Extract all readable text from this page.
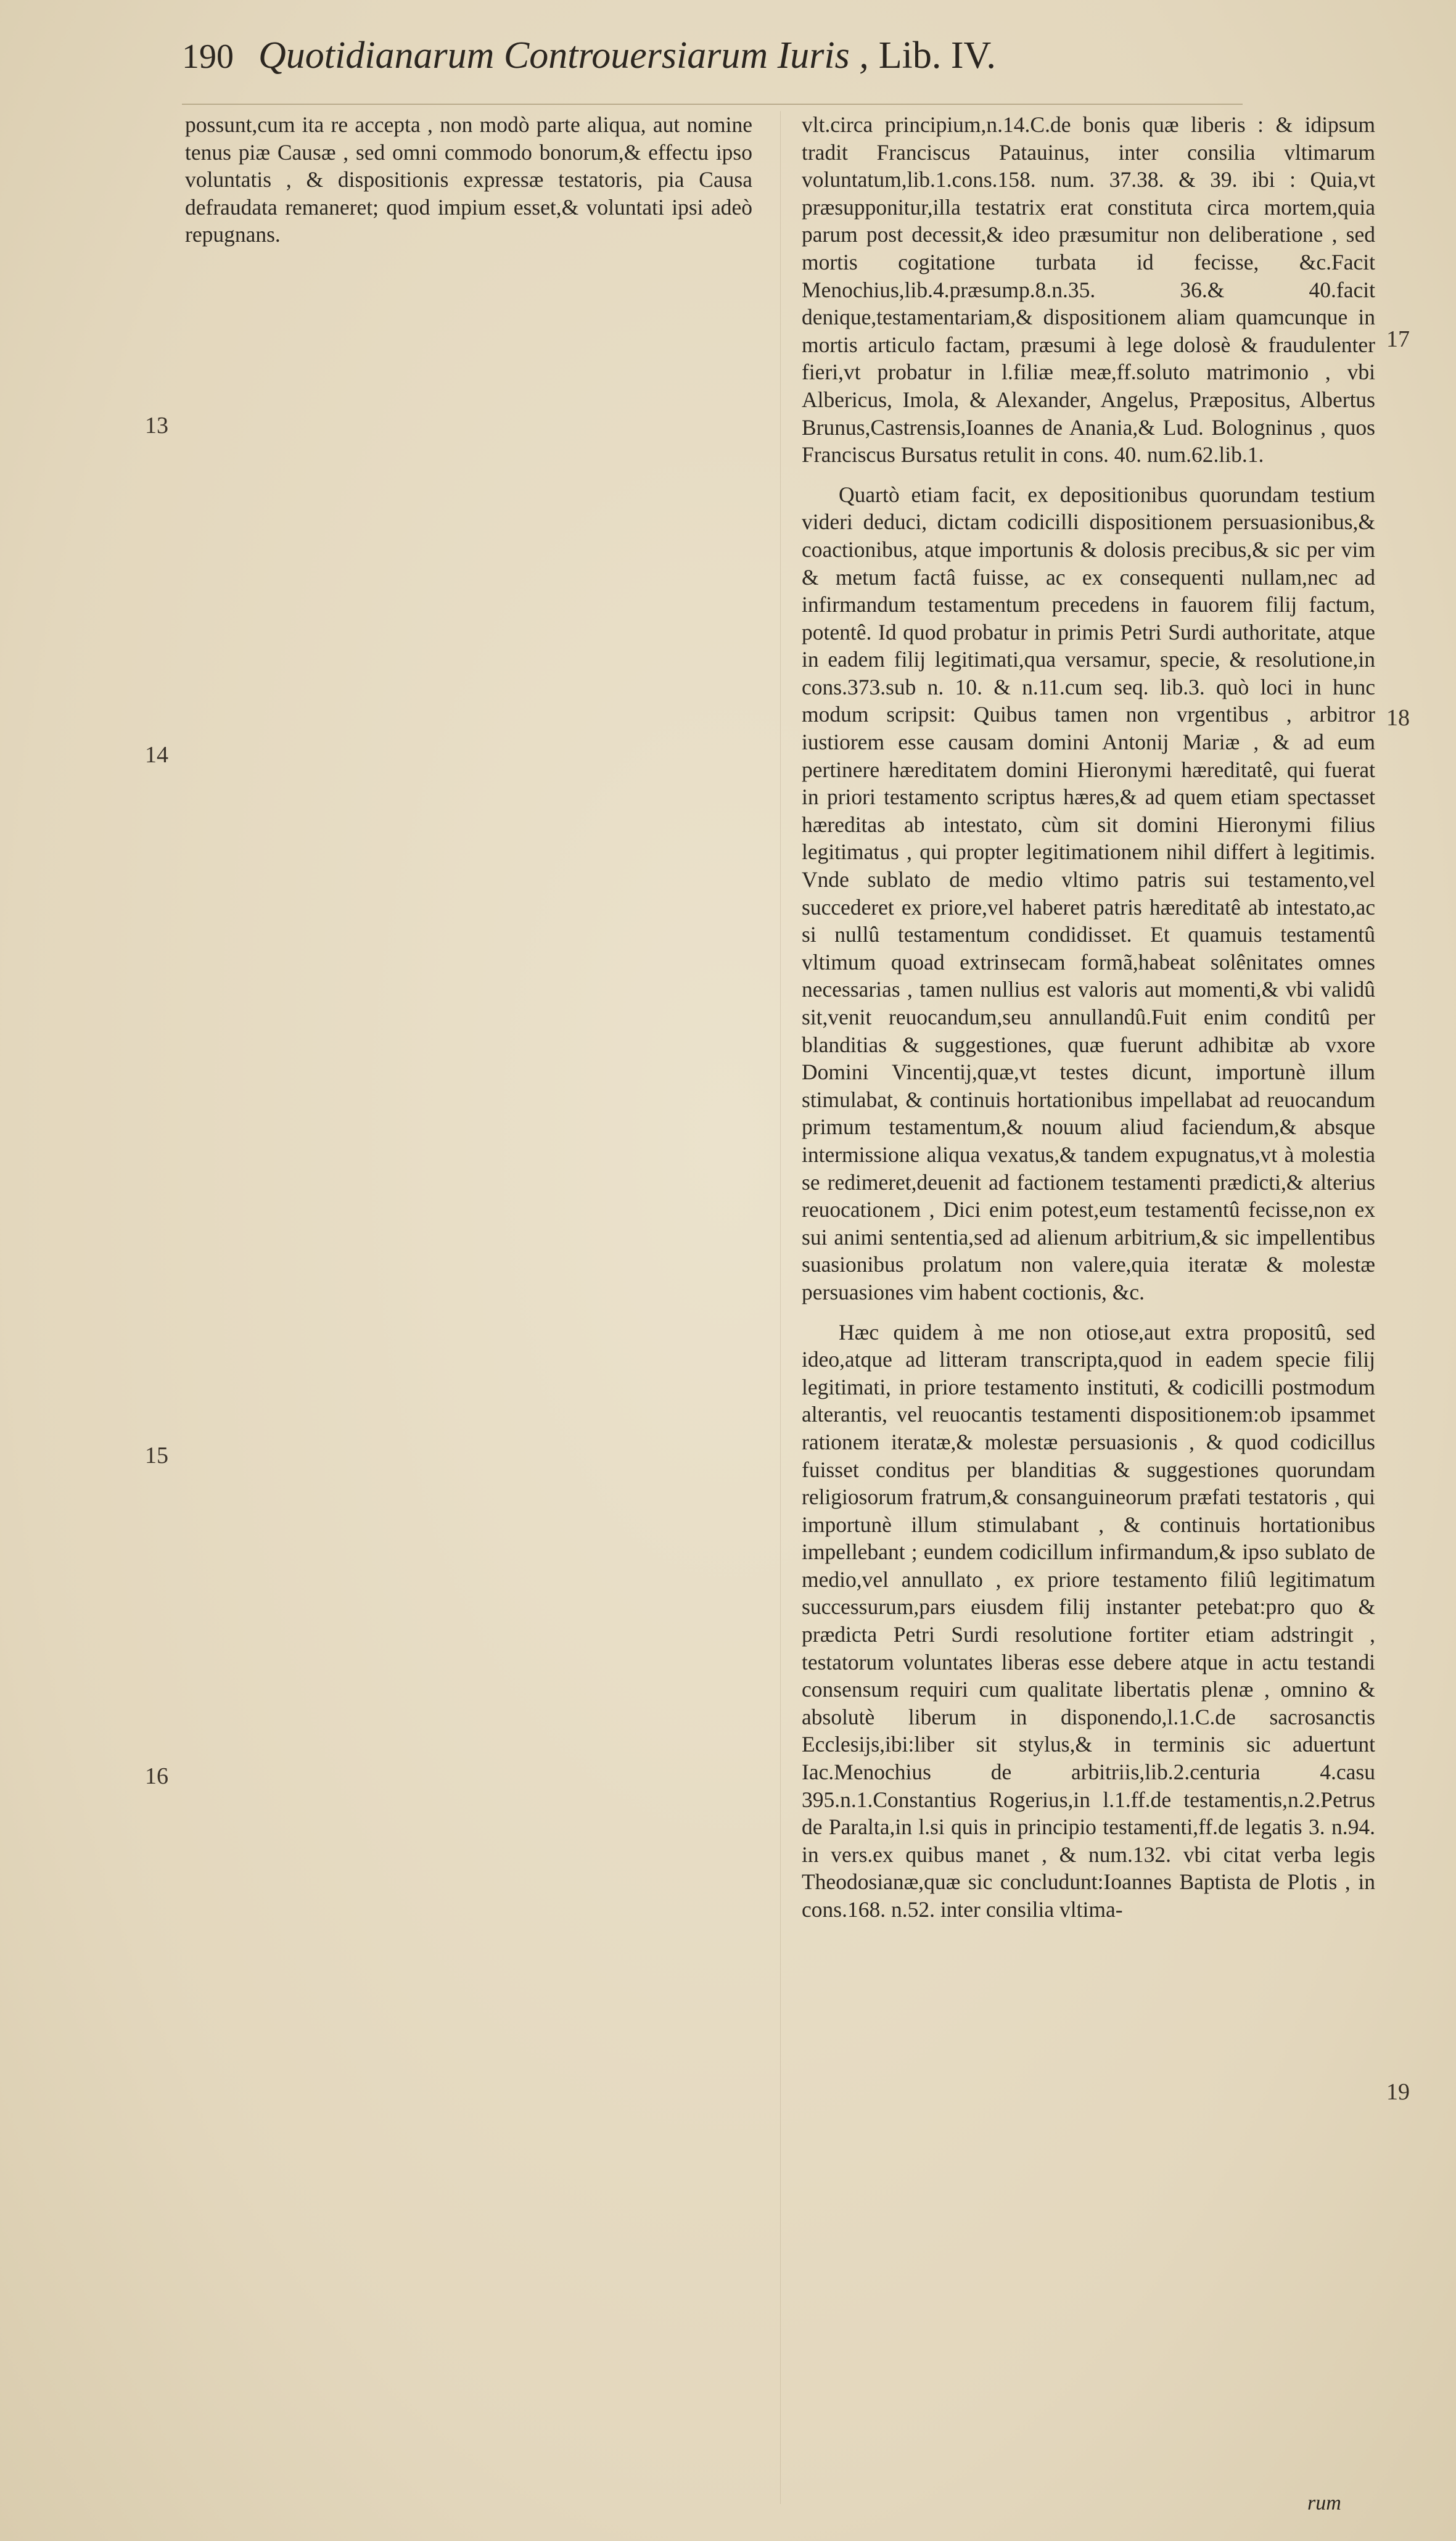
190 Quotidianarum Controuersiarum Iuris , Lib. IV.

possunt,cum ita re accepta , non modò parte aliqua, aut nomine tenus piæ Causæ , sed omni commodo bonorum,& effectu ipso voluntatis , & dispositionis expressæ testatoris, pia Causa defraudata remaneret; quod impium esset,& voluntati ipsi adeò repugnans.

vlt.circa principium,n.14.C.de bonis quæ liberis : & idipsum tradit Franciscus Patauinus, inter consilia vltimarum voluntatum,lib.1.cons.158. num. 37.38. & 39. ibi : Quia,vt præsupponitur,illa testatrix erat constituta circa mortem,quia parum post decessit,& ideo præsumitur non deliberatione , sed mortis cogitatione turbata id fecisse, &c.Facit Menochius,lib.4.præsump.8.n.35. 36.& 40.facit denique,testamentariam,& dispositionem aliam quamcunque in mortis articulo factam, præsumi à lege dolosè & fraudulenter fieri,vt probatur in l.filiæ meæ,ff.soluto matrimonio , vbi Albericus, Imola, & Alexander, Angelus, Præpositus, Albertus Brunus,Castrensis,Ioannes de Anania,& Lud. Bologninus , quos Franciscus Bursatus retulit in cons. 40. num.62.lib.1.

Quartò etiam facit, ex depositionibus quorundam testium videri deduci, dictam codicilli dispositionem persuasionibus,& coactionibus, atque importunis & dolosis precibus,& sic per vim & metum factâ fuisse, ac ex consequenti nullam,nec ad infirmandum testamentum precedens in fauorem filij factum, potentê. Id quod probatur in primis Petri Surdi authoritate, atque in eadem filij legitimati,qua versamur, specie, & resolutione,in cons.373.sub n. 10. & n.11.cum seq. lib.3. quò loci in hunc modum scripsit: Quibus tamen non vrgentibus , arbitror iustiorem esse causam domini Antonij Mariæ , & ad eum pertinere hæreditatem domini Hieronymi hæreditatê, qui fuerat in priori testamento scriptus hæres,& ad quem etiam spectasset hæreditas ab intestato, cùm sit domini Hieronymi filius legitimatus , qui propter legitimationem nihil differt à legitimis. Vnde sublato de medio vltimo patris sui testamento,vel succederet ex priore,vel haberet patris hæreditatê ab intestato,ac si nullû testamentum condidisset. Et quamuis testamentû vltimum quoad extrinsecam formã,habeat solênitates omnes necessarias , tamen nullius est valoris aut momenti,& vbi validû sit,venit reuocandum,seu annullandû.Fuit enim conditû per blanditias & suggestiones, quæ fuerunt adhibitæ ab vxore Domini Vincentij,quæ,vt testes dicunt, importunè illum stimulabat, & continuis hortationibus impellabat ad reuocandum primum testamentum,& nouum aliud faciendum,& absque intermissione aliqua vexatus,& tandem expugnatus,vt à molestia se redimeret,deuenit ad factionem testamenti prædicti,& alterius reuocationem , Dici enim potest,eum testamentû fecisse,non ex sui animi sententia,sed ad alienum arbitrium,& sic impellentibus suasionibus prolatum non valere,quia iteratæ & molestæ persuasiones vim habent coctionis, &c.

Hæc quidem à me non otiose,aut extra propositû, sed ideo,atque ad litteram transcripta,quod in eadem specie filij legitimati, in priore testamento instituti, & codicilli postmodum alterantis, vel reuocantis testamenti dispositionem:ob ipsammet rationem iteratæ,& molestæ persuasionis , & quod codicillus fuisset conditus per blanditias & suggestiones quorundam religiosorum fratrum,& consanguineorum præfati testatoris , qui importunè illum stimulabant , & continuis hortationibus impellebant ; eundem codicillum infirmandum,& ipso sublato de medio,vel annullato , ex priore testamento filiû legitimatum successurum,pars eiusdem filij instanter petebat:pro quo & prædicta Petri Surdi resolutione fortiter etiam adstringit , testatorum voluntates liberas esse debere atque in actu testandi consensum requiri cum qualitate libertatis plenæ , omnino & absolutè liberum in disponendo,l.1.C.de sacrosanctis Ecclesijs,ibi:liber sit stylus,& in terminis sic aduertunt Iac.Menochius de arbitriis,lib.2.centuria 4.casu 395.n.1.Constantius Rogerius,in l.1.ff.de testamentis,n.2.Petrus de Paralta,in l.si quis in principio testamenti,ff.de legatis 3. n.94. in vers.ex quibus manet , & num.132. vbi citat verba legis Theodosianæ,quæ sic concludunt:Ioannes Baptista de Plotis , in cons.168. n.52. inter consilia vltima-

13
14
15
16
17
18
19
rum
